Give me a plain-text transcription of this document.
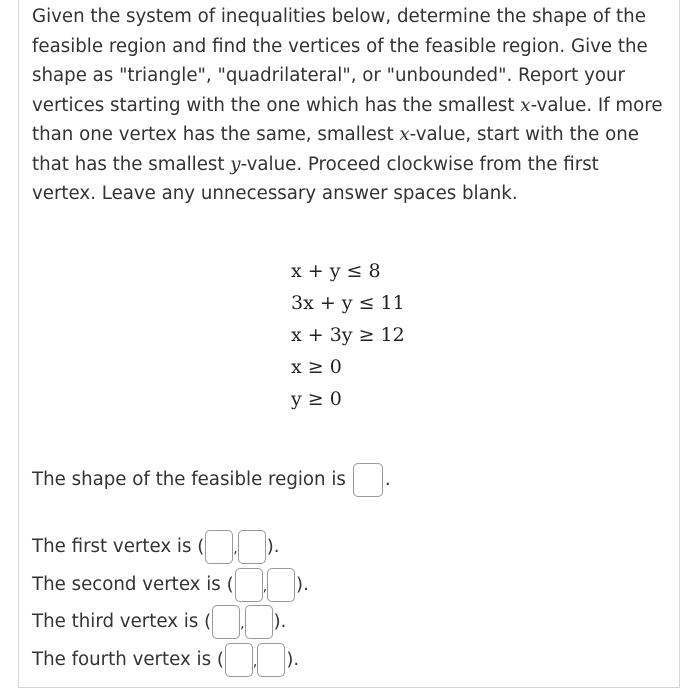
Given the system of inequalities below, determine the shape of the feasible region and find the vertices of the feasible region. Give the shape as "triangle", "quadrilateral", or "unbounded". Report your vertices starting with the one which has the smallest x-value. If more than one vertex has the same, smallest x-value, start with the one that has the smallest y-value. Proceed clockwise from the first vertex. Leave any unnecessary answer spaces blank.

x + y ≤ 8
3x + y ≤ 11
x + 3y ≥ 12
x ≥ 0
y ≥ 0
The shape of the feasible region is .
The first vertex is
( , ).
The second vertex is
( , ).
The third vertex is
( , ).
The fourth vertex is
( , ).
